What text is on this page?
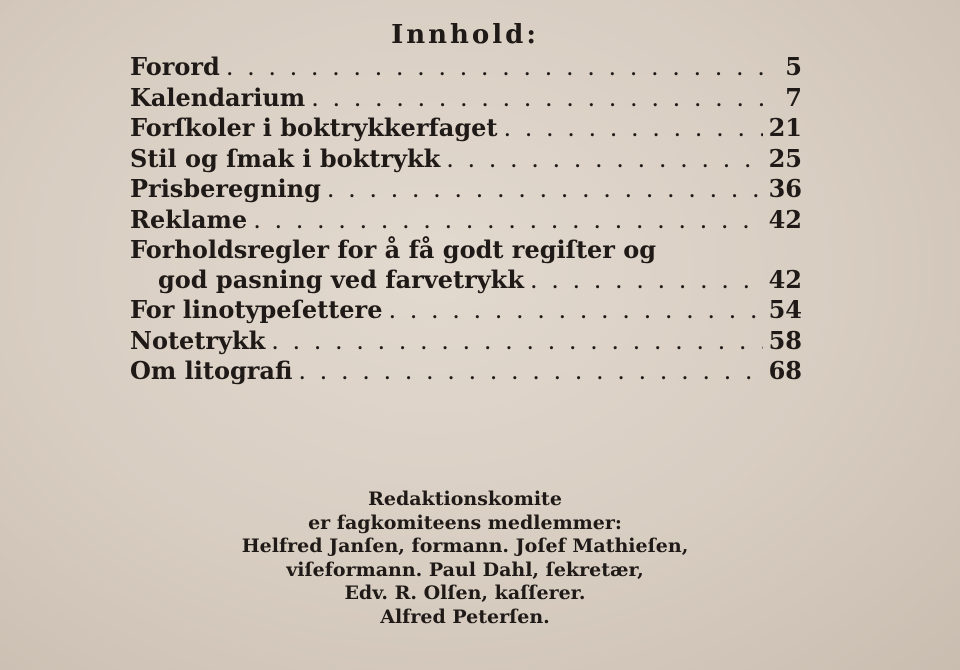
Innhold:
Forord . . .	5
Kalendarium . . .	7
Forſkoler i boktrykkerfaget . . .	21
Stil og ſmak i boktrykk . . .	25
Prisberegning . . .	36
Reklame . . .	42
Forholdsregler for å få godt regiſter og
god pasning ved farvetrykk . . .	42
For linotypeſettere . . .	54
Notetrykk . . .	58
Om litografi . . .	68
Redaktionskomite
er fagkomiteens medlemmer:
Helfred Janſen, formann. Joſef Mathieſen,
viſeformann. Paul Dahl, ſekretær,
Edv. R. Olſen, kaſſerer.
Alfred Peterſen.
